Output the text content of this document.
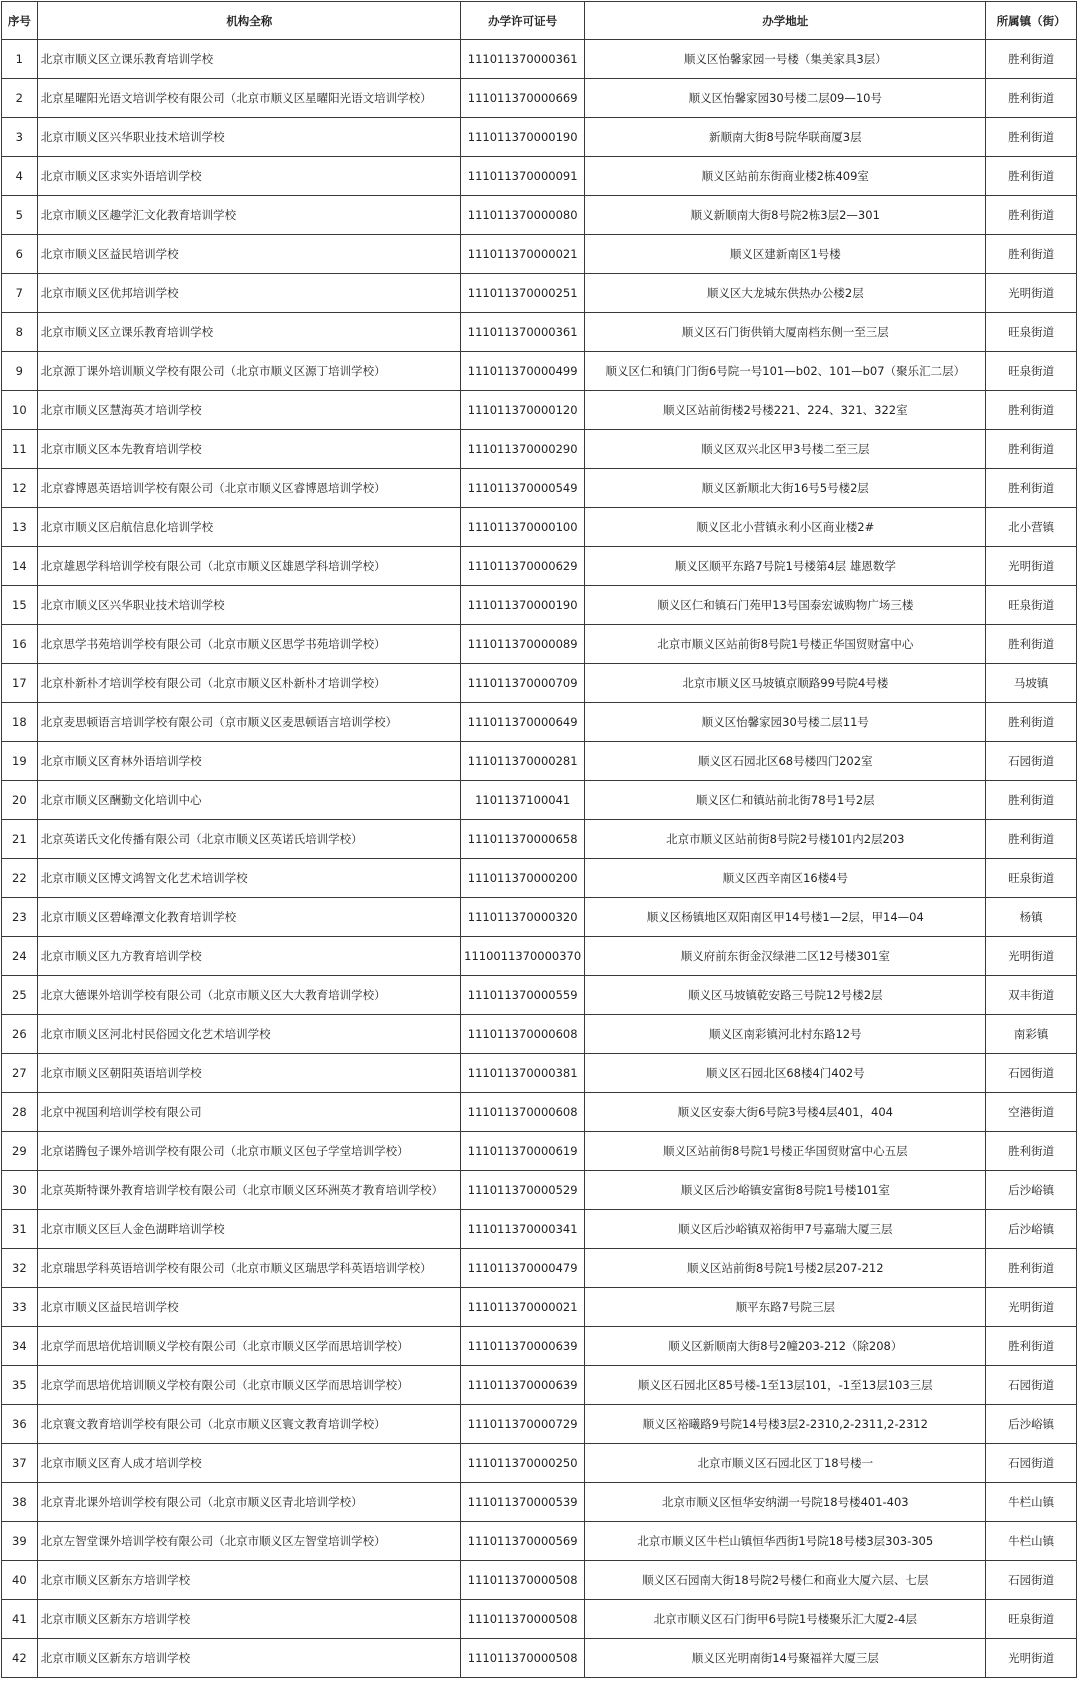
序号	机构全称	办学许可证号	办学地址	所属镇（街）
1	北京市顺义区立课乐教育培训学校	111011370000361	顺义区怡馨家园一号楼（集美家具3层）	胜利街道
2	北京星曜阳光语文培训学校有限公司（北京市顺义区星曜阳光语文培训学校）	111011370000669	顺义区怡馨家园30号楼二层09—10号	胜利街道
3	北京市顺义区兴华职业技术培训学校	111011370000190	新顺南大街8号院华联商厦3层	胜利街道
4	北京市顺义区求实外语培训学校	111011370000091	顺义区站前东街商业楼2栋409室	胜利街道
5	北京市顺义区趣学汇文化教育培训学校	111011370000080	顺义新顺南大街8号院2栋3层2—301	胜利街道
6	北京市顺义区益民培训学校	111011370000021	顺义区建新南区1号楼	胜利街道
7	北京市顺义区优邦培训学校	111011370000251	顺义区大龙城东供热办公楼2层	光明街道
8	北京市顺义区立课乐教育培训学校	111011370000361	顺义区石门街供销大厦南档东侧一至三层	旺泉街道
9	北京源丁课外培训顺义学校有限公司（北京市顺义区源丁培训学校）	111011370000499	顺义区仁和镇门门街6号院一号101—b02、101—b07（聚乐汇二层）	旺泉街道
10	北京市顺义区慧海英才培训学校	111011370000120	顺义区站前街楼2号楼221、224、321、322室	胜利街道
11	北京市顺义区本先教育培训学校	111011370000290	顺义区双兴北区甲3号楼二至三层	胜利街道
12	北京睿博恩英语培训学校有限公司（北京市顺义区睿博恩培训学校）	111011370000549	顺义区新顺北大街16号5号楼2层	胜利街道
13	北京市顺义区启航信息化培训学校	111011370000100	顺义区北小营镇永利小区商业楼2#	北小营镇
14	北京雄恩学科培训学校有限公司（北京市顺义区雄恩学科培训学校）	111011370000629	顺义区顺平东路7号院1号楼第4层 雄恩数学	光明街道
15	北京市顺义区兴华职业技术培训学校	111011370000190	顺义区仁和镇石门苑甲13号国泰宏诚购物广场三楼	旺泉街道
16	北京思学书苑培训学校有限公司（北京市顺义区思学书苑培训学校）	111011370000089	北京市顺义区站前街8号院1号楼正华国贸财富中心	胜利街道
17	北京朴新朴才培训学校有限公司（北京市顺义区朴新朴才培训学校）	111011370000709	北京市顺义区马坡镇京顺路99号院4号楼	马坡镇
18	北京麦思顿语言培训学校有限公司（京市顺义区麦思顿语言培训学校）	111011370000649	顺义区怡馨家园30号楼二层11号	胜利街道
19	北京市顺义区育林外语培训学校	111011370000281	顺义区石园北区68号楼四门202室	石园街道
20	北京市顺义区酬勤文化培训中心	1101137100041	顺义区仁和镇站前北街78号1号2层	胜利街道
21	北京英诺氏文化传播有限公司（北京市顺义区英诺氏培训学校）	111011370000658	北京市顺义区站前街8号院2号楼101内2层203	胜利街道
22	北京市顺义区博文鸿智文化艺术培训学校	111011370000200	顺义区西辛南区16楼4号	旺泉街道
23	北京市顺义区碧峰潭文化教育培训学校	111011370000320	顺义区杨镇地区双阳南区甲14号楼1—2层，甲14—04	杨镇
24	北京市顺义区九方教育培训学校	1110011370000370	顺义府前东街金汉绿港二区12号楼301室	光明街道
25	北京大德课外培训学校有限公司（北京市顺义区大大教育培训学校）	111011370000559	顺义区马坡镇乾安路三号院12号楼2层	双丰街道
26	北京市顺义区河北村民俗园文化艺术培训学校	111011370000608	顺义区南彩镇河北村东路12号	南彩镇
27	北京市顺义区朝阳英语培训学校	111011370000381	顺义区石园北区68楼4门402号	石园街道
28	北京中视国利培训学校有限公司	111011370000608	顺义区安泰大街6号院3号楼4层401，404	空港街道
29	北京诺腾包子课外培训学校有限公司（北京市顺义区包子学堂培训学校）	111011370000619	顺义区站前街8号院1号楼正华国贸财富中心五层	胜利街道
30	北京英斯特课外教育培训学校有限公司（北京市顺义区环洲英才教育培训学校）	111011370000529	顺义区后沙峪镇安富街8号院1号楼101室	后沙峪镇
31	北京市顺义区巨人金色湖畔培训学校	111011370000341	顺义区后沙峪镇双裕街甲7号嘉瑞大厦三层	后沙峪镇
32	北京瑞思学科英语培训学校有限公司（北京市顺义区瑞思学科英语培训学校）	111011370000479	顺义区站前街8号院1号楼2层207-212	胜利街道
33	北京市顺义区益民培训学校	111011370000021	顺平东路7号院三层	光明街道
34	北京学而思培优培训顺义学校有限公司（北京市顺义区学而思培训学校）	111011370000639	顺义区新顺南大街8号2幢203-212（除208）	胜利街道
35	北京学而思培优培训顺义学校有限公司（北京市顺义区学而思培训学校）	111011370000639	顺义区石园北区85号楼-1至13层101，-1至13层103三层	石园街道
36	北京寰文教育培训学校有限公司（北京市顺义区寰文教育培训学校）	111011370000729	顺义区裕曦路9号院14号楼3层2-2310,2-2311,2-2312	后沙峪镇
37	北京市顺义区育人成才培训学校	111011370000250	北京市顺义区石园北区丁18号楼一	石园街道
38	北京青北课外培训学校有限公司（北京市顺义区青北培训学校）	111011370000539	北京市顺义区恒华安纳湖一号院18号楼401-403	牛栏山镇
39	北京左智堂课外培训学校有限公司（北京市顺义区左智堂培训学校）	111011370000569	北京市顺义区牛栏山镇恒华西街1号院18号楼3层303-305	牛栏山镇
40	北京市顺义区新东方培训学校	111011370000508	顺义区石园南大街18号院2号楼仁和商业大厦六层、七层	石园街道
41	北京市顺义区新东方培训学校	111011370000508	北京市顺义区石门街甲6号院1号楼聚乐汇大厦2-4层	旺泉街道
42	北京市顺义区新东方培训学校	111011370000508	顺义区光明南街14号聚福祥大厦三层	光明街道
